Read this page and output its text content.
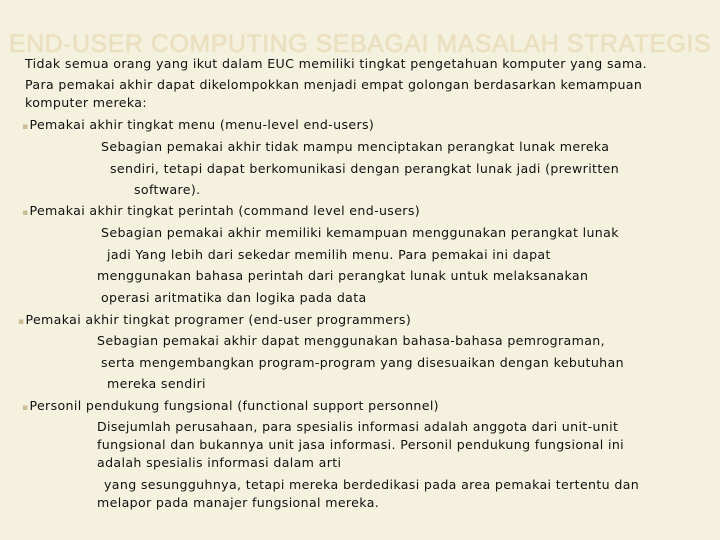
END-USER COMPUTING SEBAGAI MASALAH STRATEGIS
Tidak semua orang yang ikut dalam EUC memiliki tingkat pengetahuan komputer yang sama.
Para pemakai akhir dapat dikelompokkan menjadi empat golongan berdasarkan kemampuan
komputer mereka:
▪Pemakai akhir tingkat menu (menu-level end-users)
Sebagian pemakai akhir tidak mampu menciptakan perangkat lunak mereka
sendiri, tetapi dapat berkomunikasi dengan perangkat lunak jadi (prewritten
software).
▪Pemakai akhir tingkat perintah (command level end-users)
Sebagian pemakai akhir memiliki kemampuan menggunakan perangkat lunak
jadi Yang lebih dari sekedar memilih menu. Para pemakai ini dapat
menggunakan bahasa perintah dari perangkat lunak untuk melaksanakan
operasi aritmatika dan logika pada data
▪Pemakai akhir tingkat programer (end-user programmers)
Sebagian pemakai akhir dapat menggunakan bahasa-bahasa pemrograman,
serta mengembangkan program-program yang disesuaikan dengan kebutuhan
mereka sendiri
▪Personil pendukung fungsional (functional support personnel)
Disejumlah perusahaan, para spesialis informasi adalah anggota dari unit-unit
fungsional dan bukannya unit jasa informasi. Personil pendukung fungsional ini
adalah spesialis informasi dalam arti
yang sesungguhnya, tetapi mereka berdedikasi pada area pemakai tertentu dan
melapor pada manajer fungsional mereka.
